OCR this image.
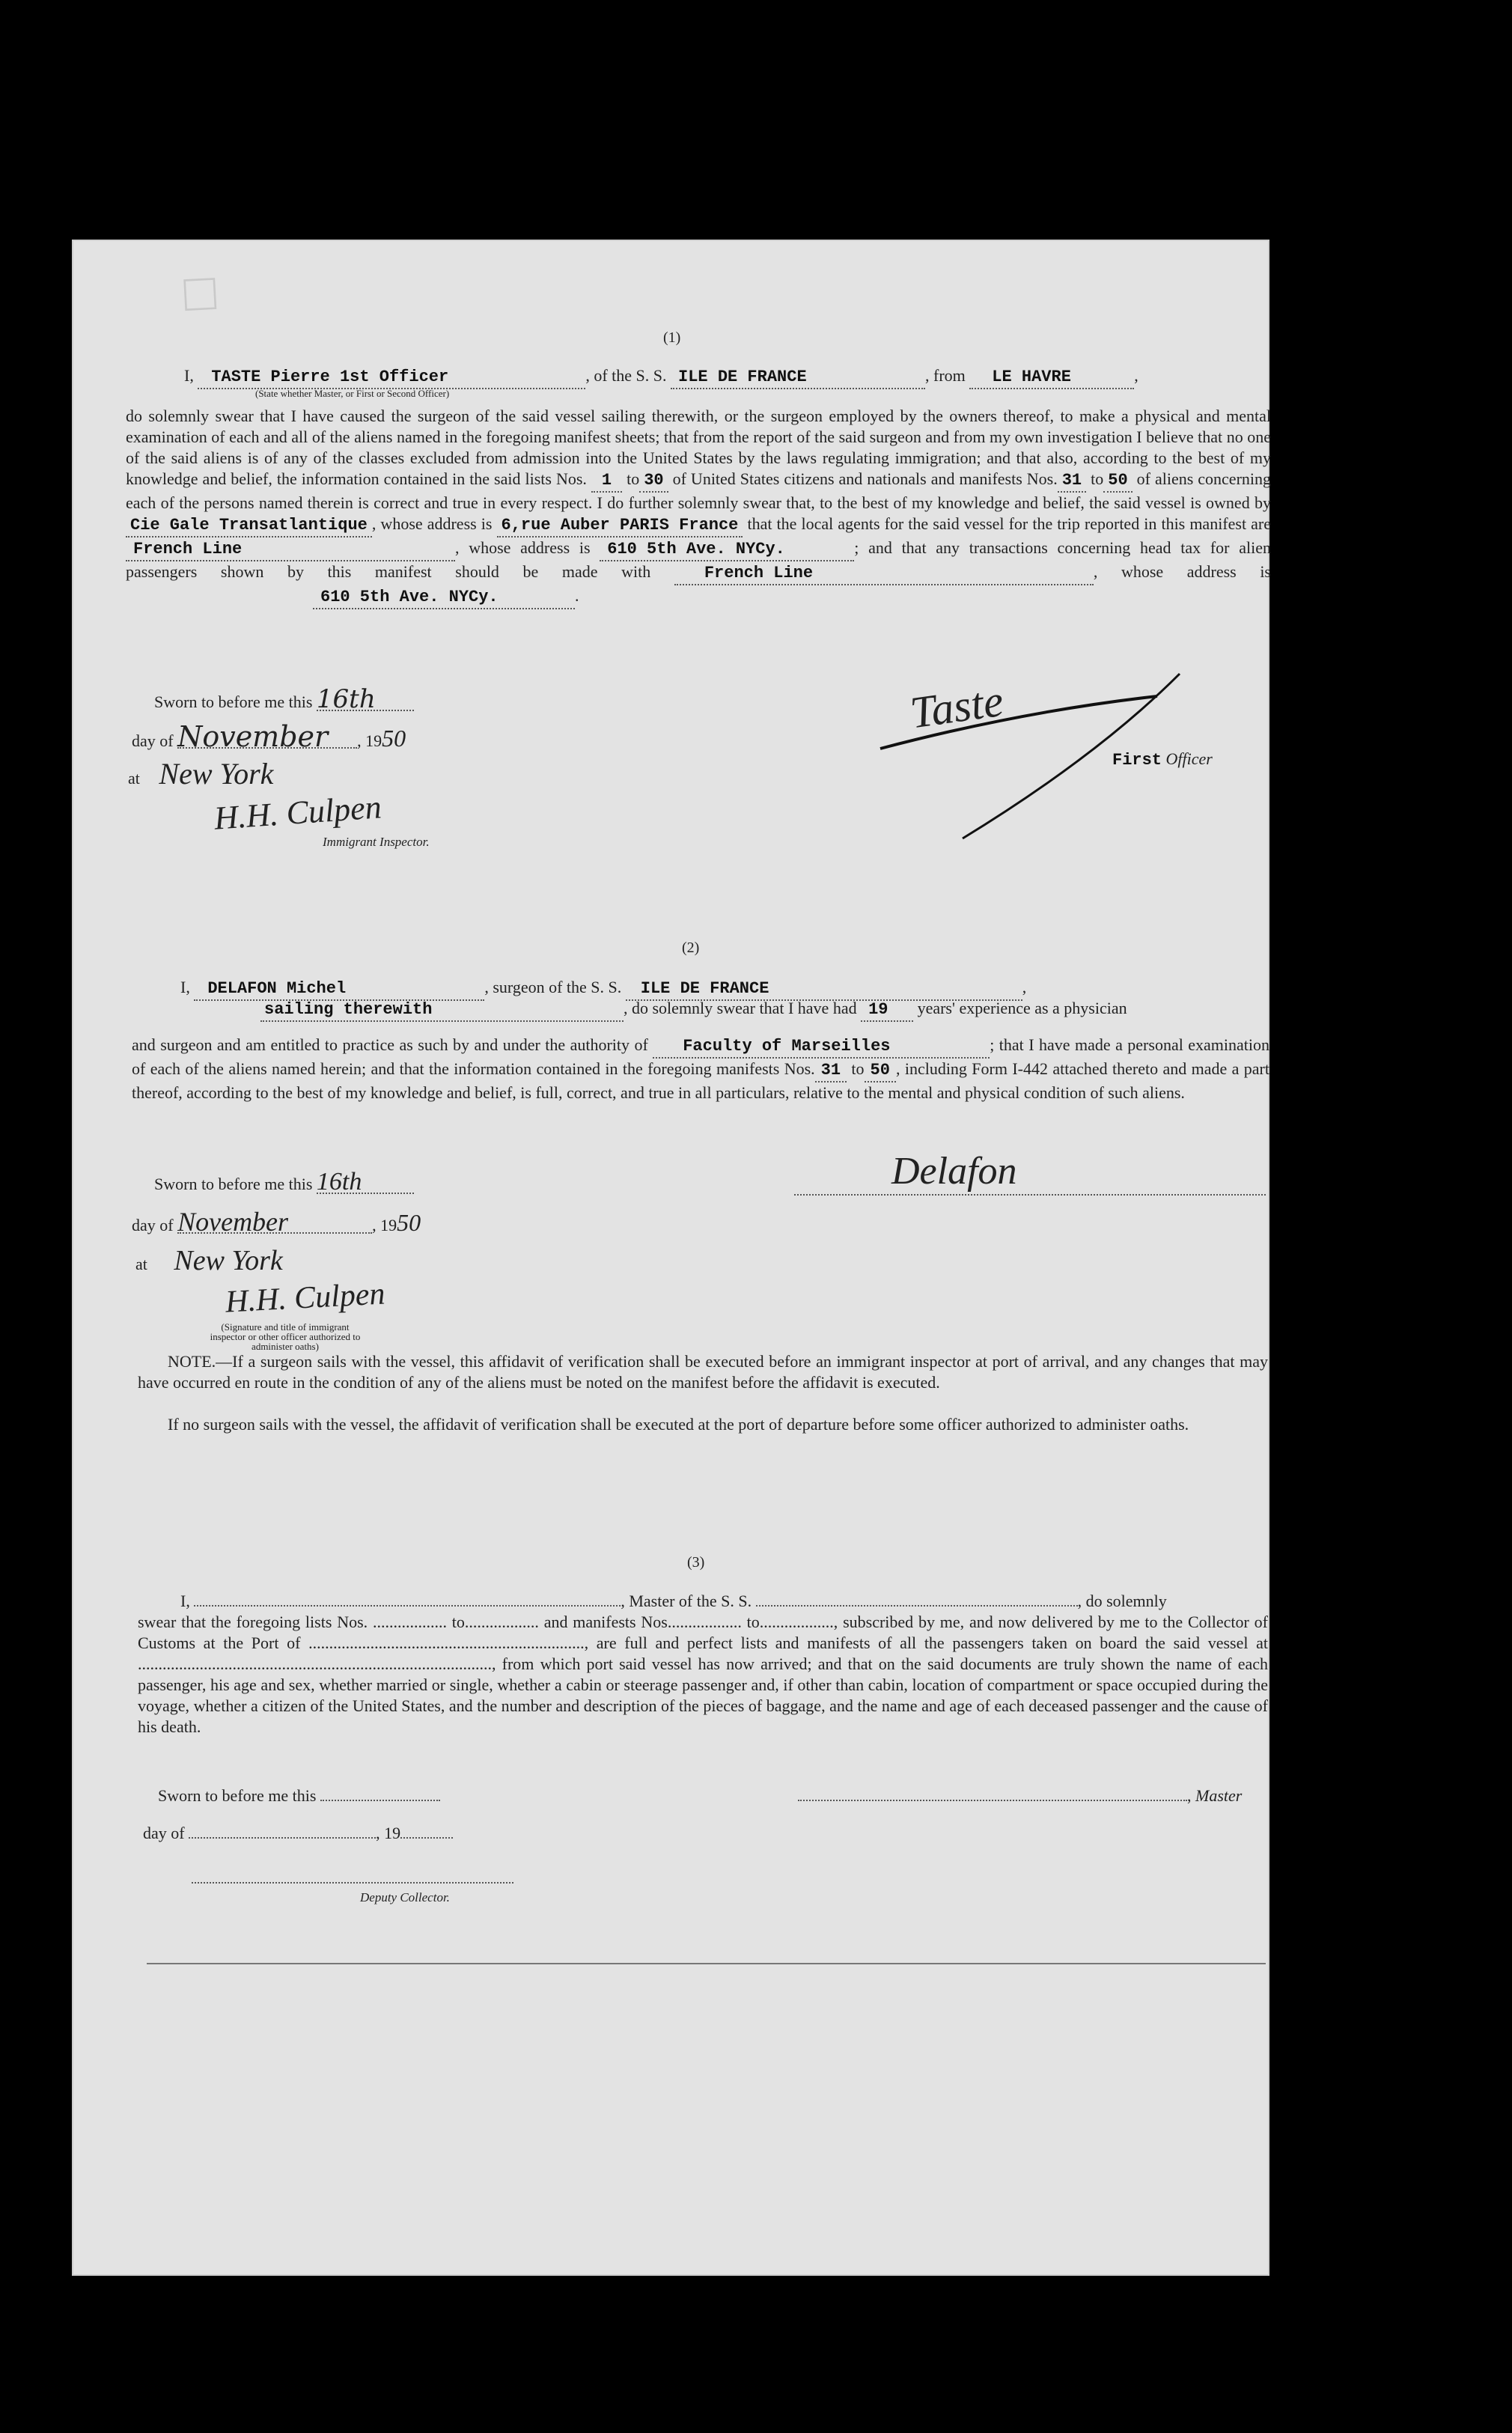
□
(1)
I, TASTE Pierre 1st Officer	, of the S. S. ILE DE FRANCE	, from LE HAVRE	,
(State whether Master, or First or Second Officer)
do solemnly swear that I have caused the surgeon of the said vessel sailing therewith, or the surgeon employed by the owners thereof, to make a physical and mental examination of each and all of the aliens named in the foregoing manifest sheets; that from the report of the said surgeon and from my own investigation I believe that no one of the said aliens is of any of the classes excluded from admission into the United States by the laws regulating immigration; and that also, according to the best of my knowledge and belief, the information contained in the said lists Nos. 1 to 30 of United States citizens and nationals and manifests Nos. 31 to 50 of aliens concerning each of the persons named therein is correct and true in every respect. I do further solemnly swear that, to the best of my knowledge and belief, the said vessel is owned by Cie Gale Transatlantique , whose address is 6,rue Auber PARIS France that the local agents for the said vessel for the trip reported in this manifest are French Line	, whose address is 610 5th Ave. NYCy.	; and that any transactions concerning head tax for alien passengers shown by this manifest should be made with French Line	, whose address is 610 5th Ave. NYCy.	.
Sworn to before me this 16th
day of November , 1950
at New York
H.H. Culpen
Immigrant Inspector.
Taste
First Officer
(2)
I, DELAFON Michel	, surgeon of the S. S. ILE DE FRANCE	,
sailing therewith	, do solemnly swear that I have had 19 years' experience as a physician
and surgeon and am entitled to practice as such by and under the authority of Faculty of Marseilles	; that I have made a personal examination of each of the aliens named herein; and that the information contained in the foregoing manifests Nos. 31 to 50 , including Form I-442 attached thereto and made a part thereof, according to the best of my knowledge and belief, is full, correct, and true in all particulars, relative to the mental and physical condition of such aliens.
Sworn to before me this 16th
day of November	, 1950
at New York
H.H. Culpen
(Signature and title of immigrant inspector or other officer authorized to administer oaths)
Delafon
NOTE.—If a surgeon sails with the vessel, this affidavit of verification shall be executed before an immigrant inspector at port of arrival, and any changes that may have occurred en route in the condition of any of the aliens must be noted on the manifest before the affidavit is executed.
If no surgeon sails with the vessel, the affidavit of verification shall be executed at the port of departure before some officer authorized to administer oaths.
(3)
I,	, Master of the S. S.	, do solemnly
swear that the foregoing lists Nos. .................. to.................. and manifests Nos.................. to.................., subscribed by me, and now delivered by me to the Collector of Customs at the Port of ..................................................................., are full and perfect lists and manifests of all the passengers taken on board the said vessel at ......................................................................................, from which port said vessel has now arrived; and that on the said documents are truly shown the name of each passenger, his age and sex, whether married or single, whether a cabin or steerage passenger and, if other than cabin, location of compartment or space occupied during the voyage, whether a citizen of the United States, and the number and description of the pieces of baggage, and the name and age of each deceased passenger and the cause of his death.
Sworn to before me this	, Master
day of	, 19
Deputy Collector.
